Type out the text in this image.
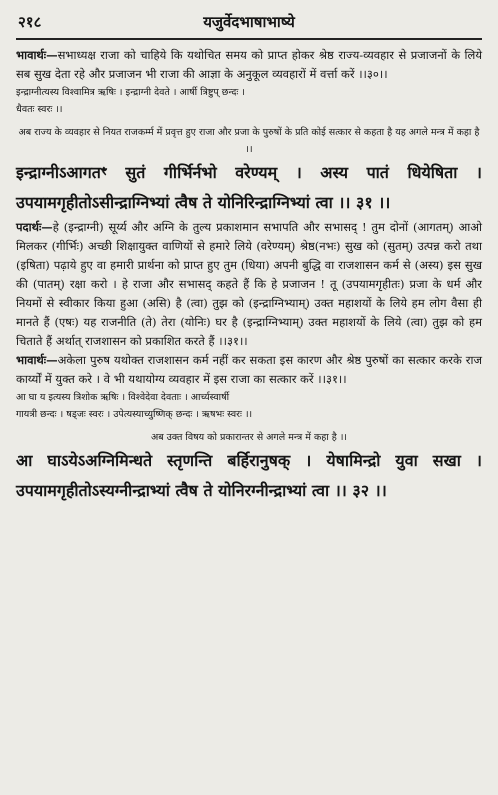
२१८	यजुर्वेदभाषाभाष्ये

भावार्थः—सभाध्यक्ष राजा को चाहिये कि यथोचित समय को प्राप्त होकर श्रेष्ठ राज्य-व्यवहार से प्रजाजनों के लिये सब सुख देता रहे और प्रजाजन भी राजा की आज्ञा के अनुकूल व्यवहारों में वर्त्ता करें ।।३०।।

इन्द्राग्नीत्यस्य विश्वामित्र ऋषिः । इन्द्राग्नी देवते । आर्षी त्रिष्टुप् छन्दः ।

धैवतः स्वरः ।।

अब राज्य के व्यवहार से नियत राजकर्म्म में प्रवृत्त हुए राजा और प्रजा के पुरुषों के प्रति कोई सत्कार से कहता है यह अगले मन्त्र में कहा है ।।

इन्द्राग्नीऽआगतꣳ सुतं गीर्भिर्नभो वरेण्यम् । अस्य पातं धियेषिता । उपयामगृहीतोऽसीन्द्राग्निभ्यां त्वैष ते योनिरिन्द्राग्निभ्यां त्वा ।। ३१ ।।

पदार्थः—हे (इन्द्राग्नी) सूर्य्य और अग्नि के तुल्य प्रकाशमान सभापति और सभासद् ! तुम दोनों (आगतम्) आओ मिलकर (गीर्भिः) अच्छी शिक्षायुक्त वाणियों से हमारे लिये (वरेण्यम्) श्रेष्ठ(नभः) सुख को (सुतम्) उत्पन्न करो तथा (इषिता) पढ़ाये हुए वा हमारी प्रार्थना को प्राप्त हुए तुम (धिया) अपनी बुद्धि वा राजशासन कर्म से (अस्य) इस सुख की (पातम्) रक्षा करो । हे राजा और सभासद् कहते हैं कि हे प्रजाजन ! तू (उपयामगृहीतः) प्रजा के धर्म और नियमों से स्वीकार किया हुआ (असि) है (त्वा) तुझ को (इन्द्राग्निभ्याम्) उक्त महाशयों के लिये हम लोग वैसा ही मानते हैं (एषः) यह राजनीति (ते) तेरा (योनिः) घर है (इन्द्राग्निभ्याम्) उक्त महाशयों के लिये (त्वा) तुझ को हम चिताते हैं अर्थात् राजशासन को प्रकाशित करते हैं ।।३१।।

भावार्थः—अकेला पुरुष यथोक्त राजशासन कर्म नहीं कर सकता इस कारण और श्रेष्ठ पुरुषों का सत्कार करके राज कार्य्यों में युक्त करे । वे भी यथायोग्य व्यवहार में इस राजा का सत्कार करें ।।३१।।

आ घा य इत्यस्य त्रिशोक ऋषिः । विश्वेदेवा देवताः । आर्च्यस्वार्षी

गायत्री छन्दः । षड्जः स्वरः । उपेत्यस्याच्युष्णिक् छन्दः । ऋषभः स्वरः ।।

अब उक्त विषय को प्रकारान्तर से अगले मन्त्र में कहा है ।।

आ घाऽयेऽअग्निमिन्धते स्तृणन्ति बर्हिरानुषक् । येषामिन्द्रो युवा सखा । उपयामगृहीतोऽस्यग्नीन्द्राभ्यां त्वैष ते योनिरग्नीन्द्राभ्यां त्वा ।। ३२ ।।
